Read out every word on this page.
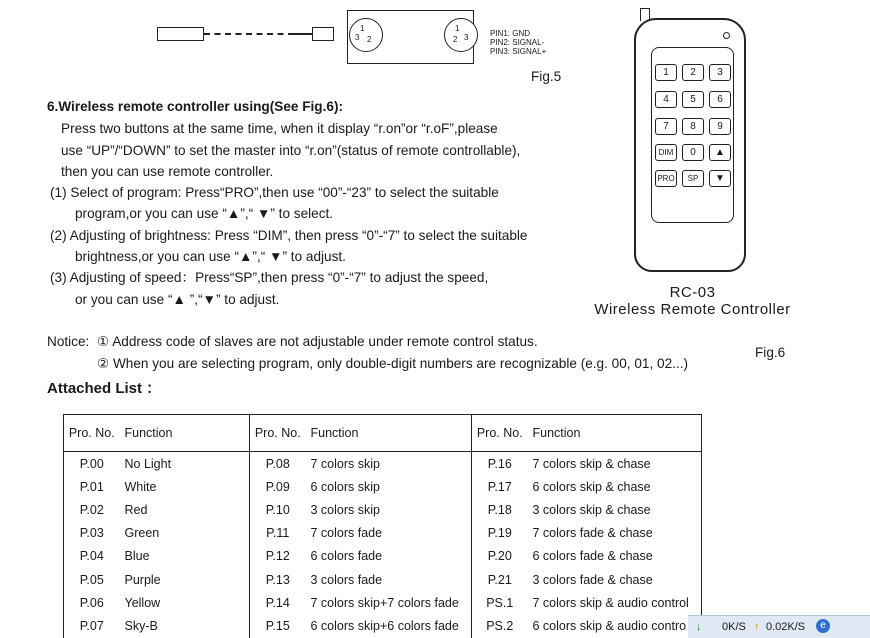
1
3 2
1
3
2
PIN1: GND
PIN2: SIGNAL-
PIN3: SIGNAL+
Fig.5
6.Wireless remote controller using(See Fig.6):
Press two buttons at the same time, when it display “r.on”or “r.oF”,please
use “UP”/“DOWN” to set the master into “r.on”(status of remote controllable),
then you can use remote controller.
(1) Select of program: Press“PRO”,then use “00”-“23” to select the suitable
program,or you can use “▲”,“ ▼” to select.
(2) Adjusting of brightness: Press “DIM”, then press “0”-“7” to select the suitable
brightness,or you can use “▲”,“ ▼” to adjust.
(3) Adjusting of speed：Press“SP”,then press “0”-“7” to adjust the speed,
or you can use “▲ ”,“▼” to adjust.
1	2	3
4	5	6
7	8	9
DIM	0	▲
PRO	SP	▼
RC-03
Wireless Remote Controller
Fig.6
Notice: ① Address code of slaves are not adjustable under remote control status.
② When you are selecting program, only double-digit numbers are recognizable (e.g. 00, 01, 02...)
Attached List ：
Pro. No.	Function	Pro. No.	Function	Pro. No.	Function
P.00	No Light	P.08	7 colors skip	P.16	7 colors skip & chase
P.01	White	P.09	6 colors skip	P.17	6 colors skip & chase
P.02	Red	P.10	3 colors skip	P.18	3 colors skip & chase
P.03	Green	P.11	7 colors fade	P.19	7 colors fade & chase
P.04	Blue	P.12	6 colors fade	P.20	6 colors fade & chase
P.05	Purple	P.13	3 colors fade	P.21	3 colors fade & chase
P.06	Yellow	P.14	7 colors skip+7 colors fade	PS.1	7 colors skip & audio control
P.07	Sky-B	P.15	6 colors skip+6 colors fade	PS.2	6 colors skip & audio contro ↓ 0K/S ↑ 0.02K/S	e
